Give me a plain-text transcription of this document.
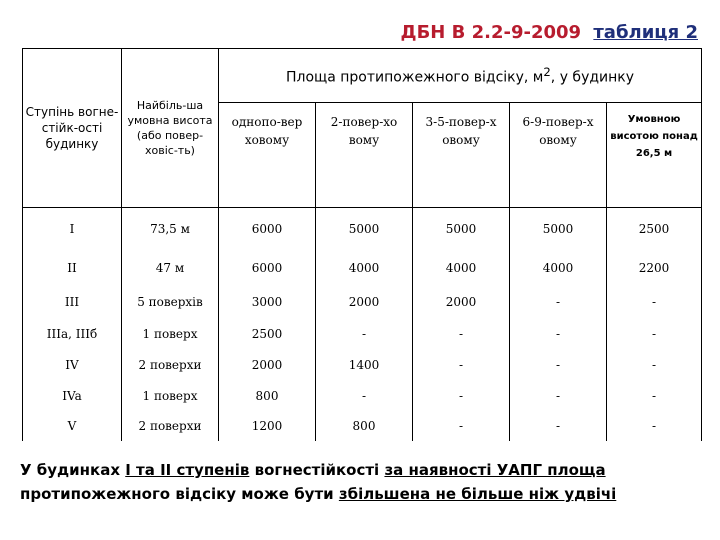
ДБН В 2.2-9-2009 таблиця 2
Ступінь вогне-стійк-ості будинку	Найбіль-ша умовна висота (або повер-ховіс-ть)	Площа протипожежного відсіку, $м^2$, у будинку				
		однопо-вер ховому	2-повер-хо вому	3-5-повер-х овому	6-9-повер-х овому	Умовною висотою понад 26,5 м
I	73,5 м	6000	5000	5000	5000	2500
II	47 м	6000	4000	4000	4000	2200
III	5 поверхів	3000	2000	2000	-	-
IIIa, IIIб	1 поверх	2500	-	-	-	-
IV	2 поверхи	2000	1400	-	-	-
IVa	1 поверх	800	-	-	-	-
V	2 поверхи	1200	800	-	-	-
У будинках I та II ступенів вогнестійкості за наявності УАПГ площа
протипожежного відсіку може бути збільшена не більше ніж удвічі
